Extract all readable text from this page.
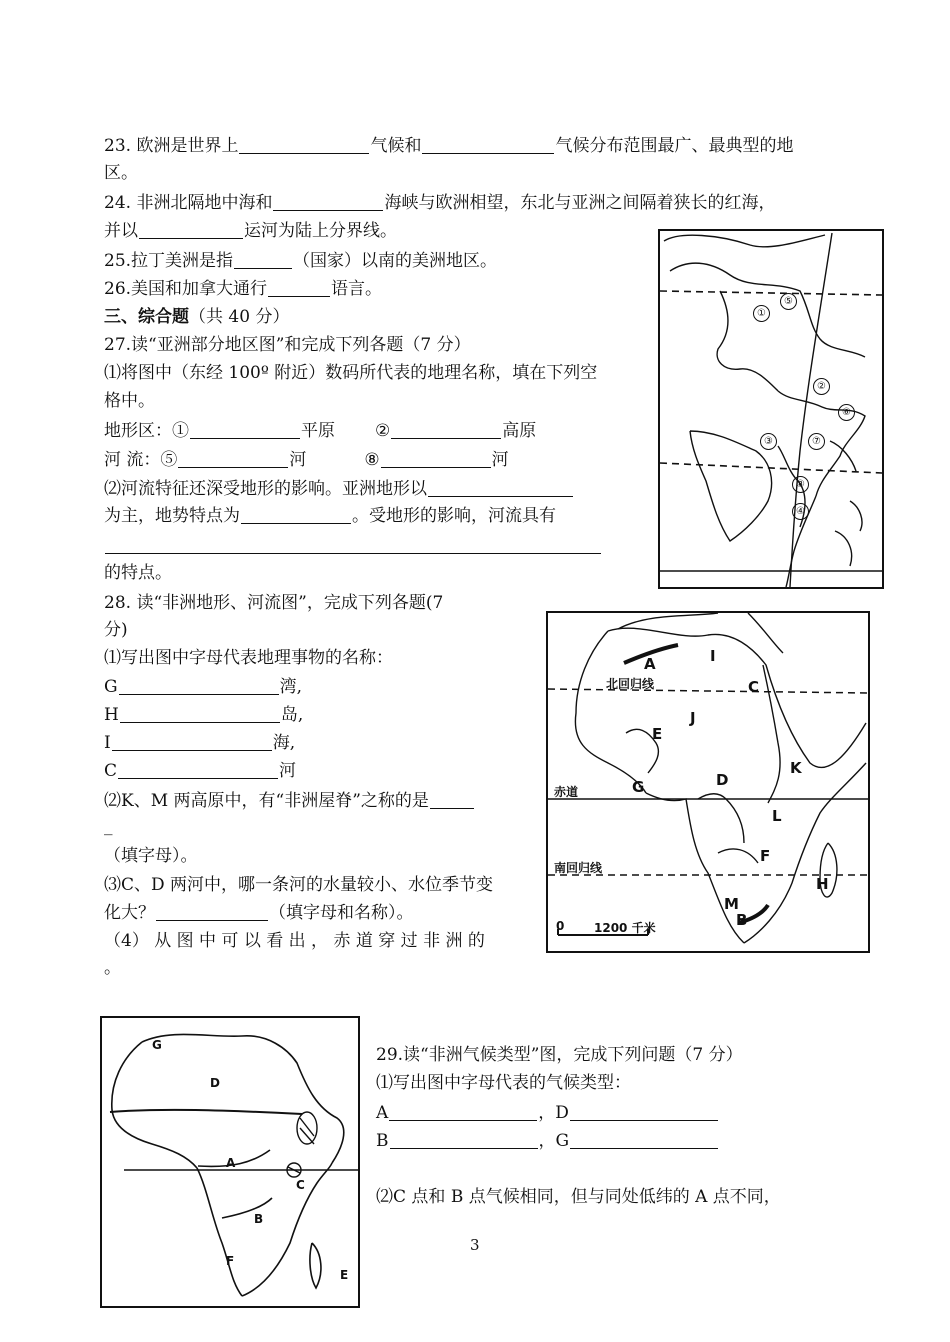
23. 欧洲是世界上	气候和	气候分布范围最广、最典型的地
区。
24. 非洲北隔地中海和	海峡与欧洲相望，东北与亚洲之间隔着狭长的红海，
并以	运河为陆上分界线。
25.拉丁美洲是指	（国家）以南的美洲地区。
26.美国和加拿大通行	语言。
三、综合题（共 40 分）
27.读“亚洲部分地区图”和完成下列各题（7 分）
⑴将图中（东经 100º 附近）数码所代表的地理名称，填在下列空
格中。
地形区：①	平原 ②	高原
河 流：⑤	河	⑧	河
⑵河流特征还深受地形的影响。亚洲地形以
为主，地势特点为	。受地形的影响，河流具有
的特点。
①
⑤
②
⑥
③	⑦
⑧
④
28. 读“非洲地形、河流图”，完成下列各题(7
分)
⑴写出图中字母代表地理事物的名称：
G	湾,
H	岛,
I	海,
C	河
⑵K、M 两高原中，有“非洲屋脊”之称的是
_
（填字母）。
⑶C、D 两河中，哪一条河的水量较小、水位季节变
化大？	（填字母和名称）。
（4） 从 图 中 可 以 看 出 ， 赤 道 穿 过 非 洲 的
。
A	I
C
J
E
K
D
G
L
F
H
M
B
北回归线
赤道
南回归线
0 1200 千米
G
D
A
C
B
F
E
29.读“非洲气候类型”图，完成下列问题（7 分）
⑴写出图中字母代表的气候类型：
A	，D
B	，G
⑵C 点和 B 点气候相同，但与同处低纬的 A 点不同，
3
